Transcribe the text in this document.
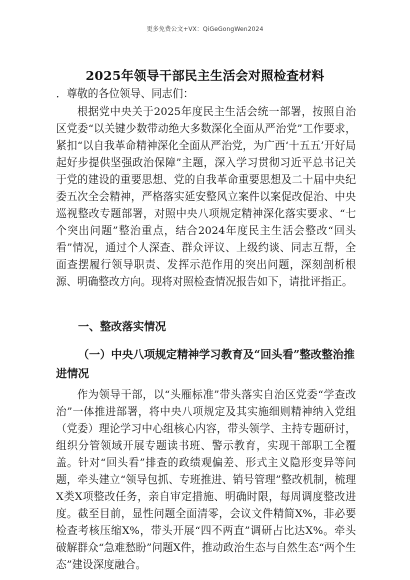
更多免费公文+VX：QiGeGongWen2024
2025年领导干部民主生活会对照检查材料
．尊敬的各位领导、同志们：

根据党中央关于2025年度民主生活会统一部署，按照自治区党委“以关键少数带动绝大多数深化全面从严治党”工作要求，紧扣“以自我革命精神深化全面从严治党，为广西‘十五五’开好局起好步提供坚强政治保障”主题，深入学习贯彻习近平总书记关于党的建设的重要思想、党的自我革命重要思想及二十届中央纪委五次全会精神，严格落实延安整风立案件以案促改促治、中央巡视整改专题部署，对照中央八项规定精神深化落实要求、“七个突出问题”整治重点，结合2024年度民主生活会整改“回头看”情况，通过个人深查、群众评议、上级约谈、同志互帮，全面查摆履行领导职责、发挥示范作用的突出问题，深刻剖析根源、明确整改方向。现将对照检查情况报告如下，请批评指正。

一、整改落实情况
（一）中央八项规定精神学习教育及“回头看”整改整治推进情况

作为领导干部，以“头雁标准”带头落实自治区党委“学查改治”一体推进部署，将中央八项规定及其实施细则精神纳入党组（党委）理论学习中心组核心内容，带头领学、主持专题研讨，组织分管领域开展专题读书班、警示教育，实现干部职工全覆盖。针对“回头看”排查的政绩观偏差、形式主义隐形变异等问题，牵头建立“领导包抓、专班推进、销号管理”整改机制，梳理X类X项整改任务，亲自审定措施、明确时限，每周调度整改进度。截至目前，显性问题全面清零，会议文件精简X%，非必要检查考核压缩X%，带头开展“四不两直”调研占比达X%。牵头破解群众“急难愁盼”问题X件，推动政治生态与自然生态“两个生态”建设深度融合。
